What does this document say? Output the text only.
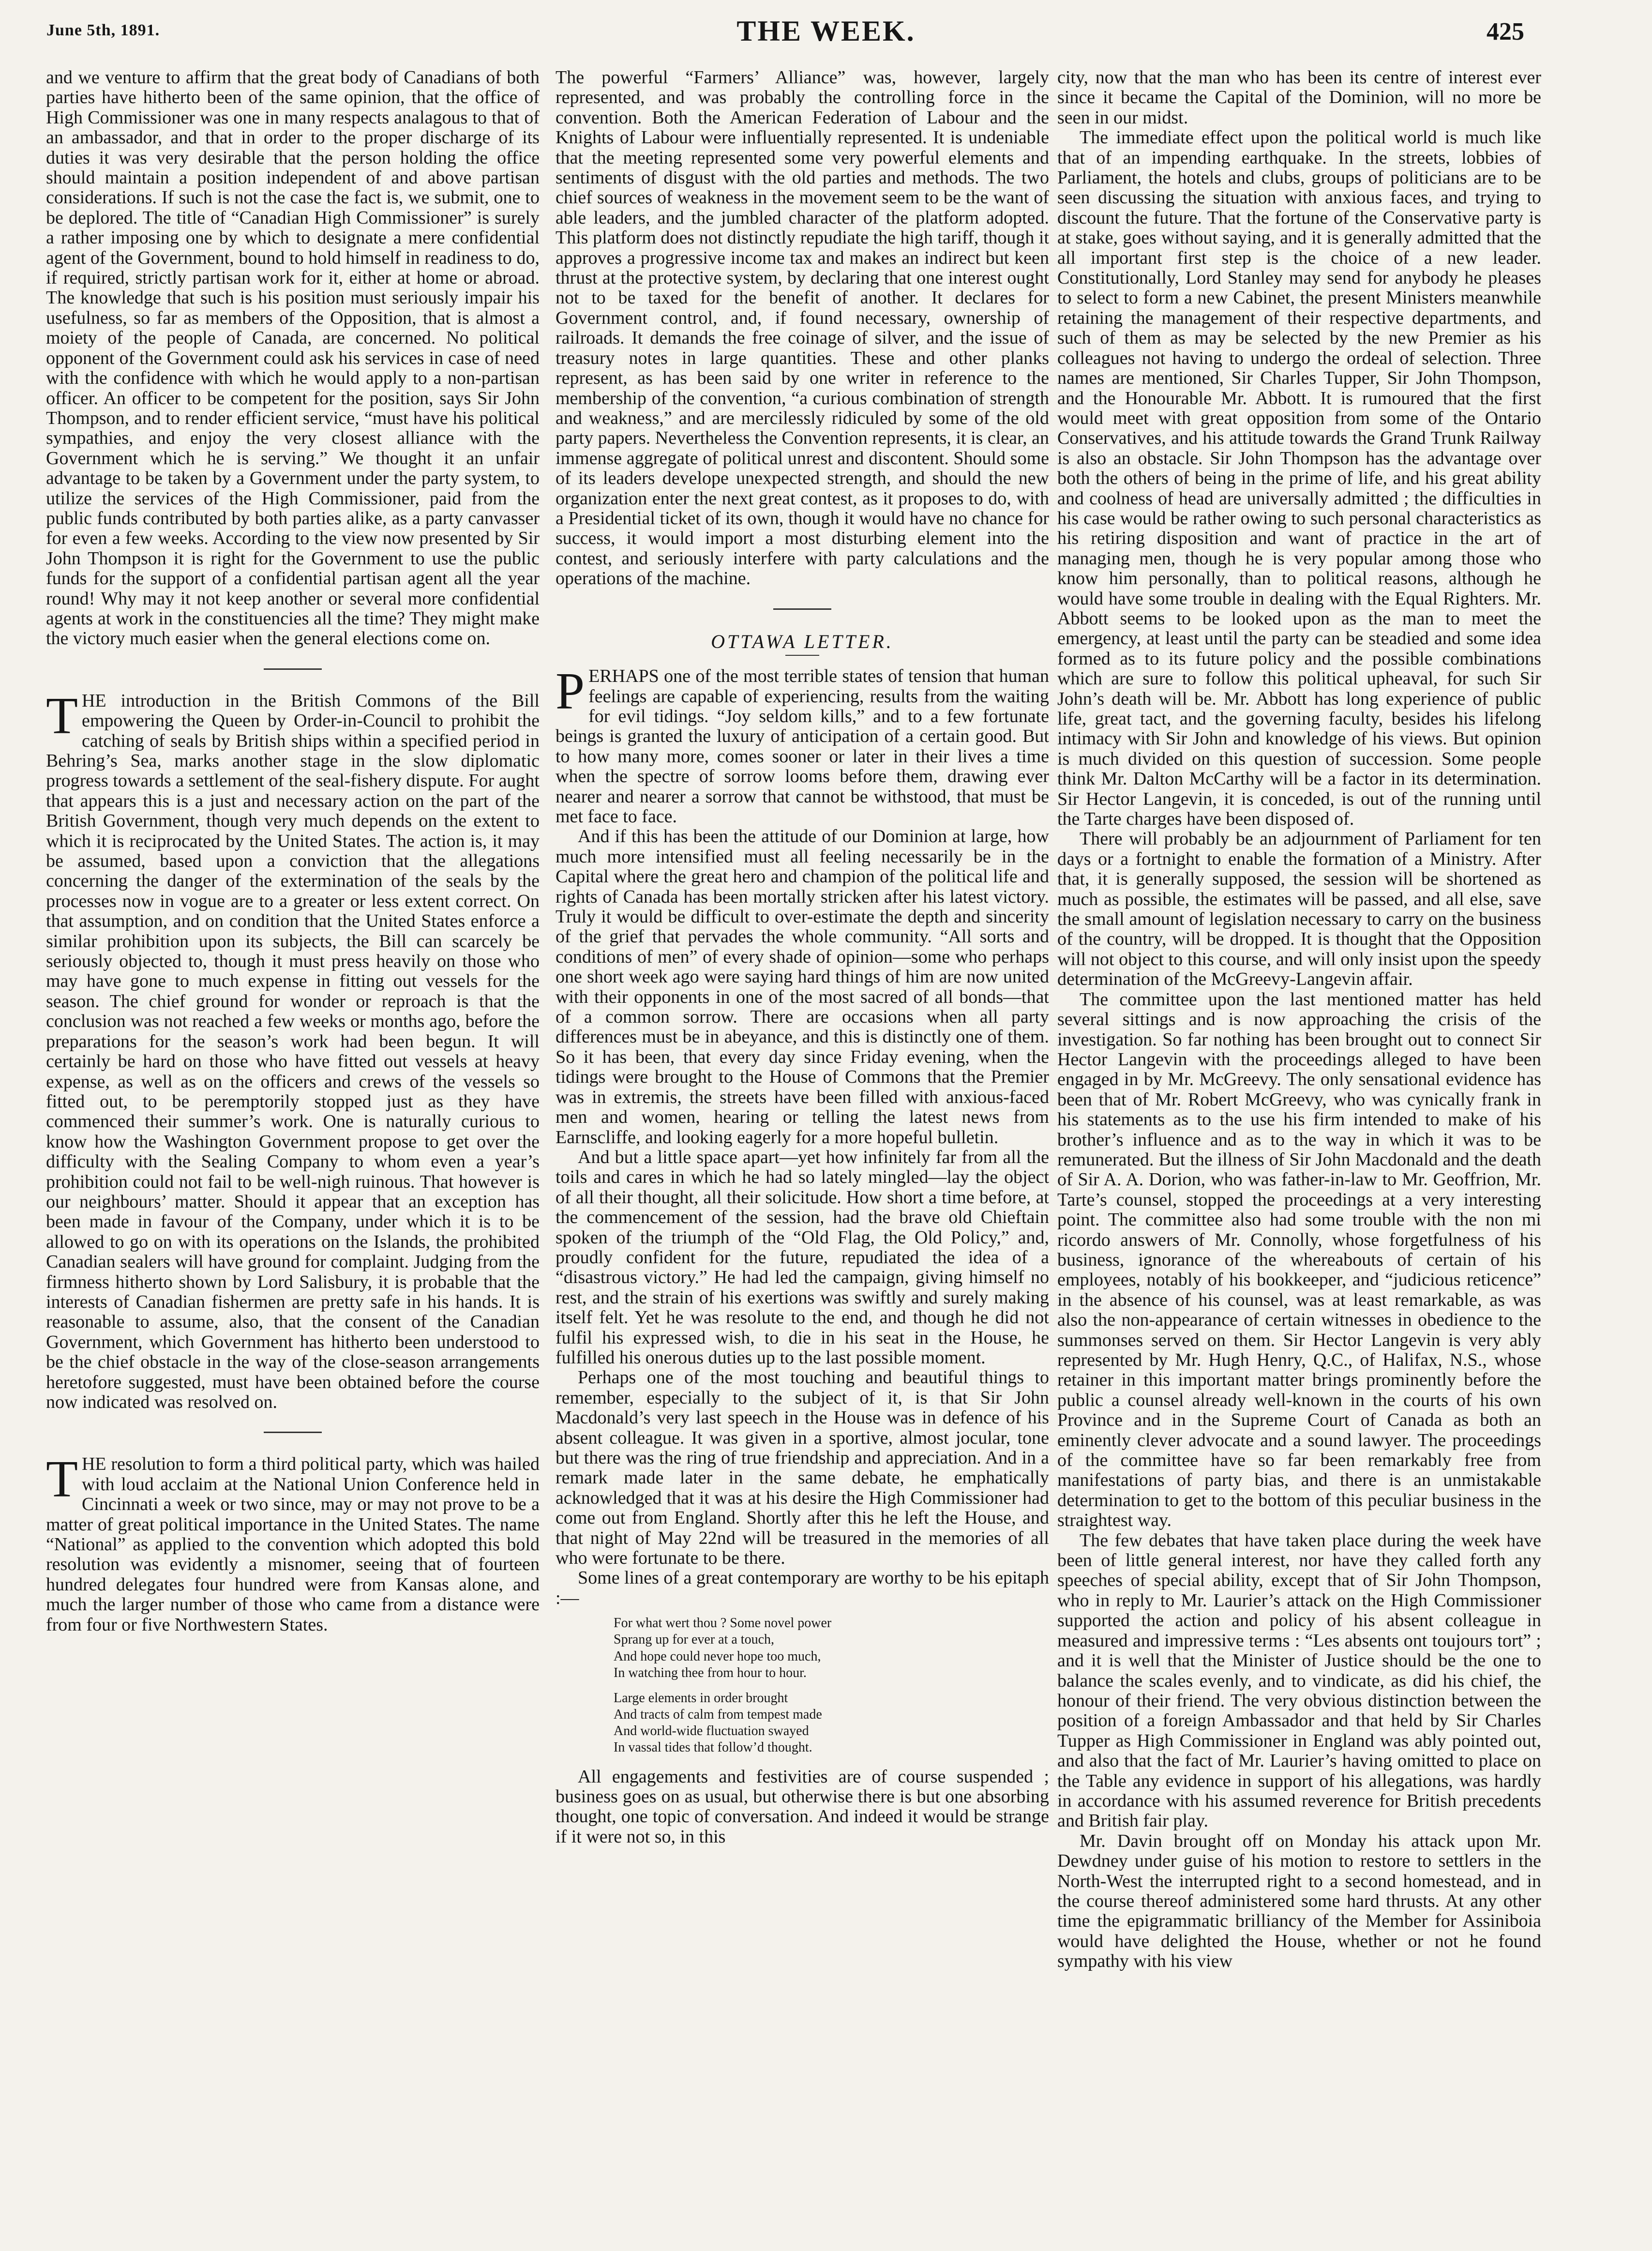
June 5th, 1891.	THE WEEK.	425

and we venture to affirm that the great body of Canadians of both parties have hitherto been of the same opinion, that the office of High Commissioner was one in many respects analagous to that of an ambassador, and that in order to the proper discharge of its duties it was very desirable that the person holding the office should maintain a position independent of and above partisan considerations. If such is not the case the fact is, we submit, one to be deplored. The title of “Canadian High Commissioner” is surely a rather imposing one by which to designate a mere confidential agent of the Government, bound to hold himself in readiness to do, if required, strictly partisan work for it, either at home or abroad. The knowledge that such is his position must seriously impair his usefulness, so far as members of the Opposition, that is almost a moiety of the people of Canada, are concerned. No political opponent of the Government could ask his services in case of need with the confidence with which he would apply to a non-partisan officer. An officer to be competent for the position, says Sir John Thompson, and to render efficient service, “must have his political sympathies, and enjoy the very closest alliance with the Government which he is serving.” We thought it an unfair advantage to be taken by a Government under the party system, to utilize the services of the High Commissioner, paid from the public funds contributed by both parties alike, as a party canvasser for even a few weeks. According to the view now presented by Sir John Thompson it is right for the Government to use the public funds for the support of a confidential partisan agent all the year round! Why may it not keep another or several more confidential agents at work in the constituencies all the time? They might make the victory much easier when the general elections come on.

THE introduction in the British Commons of the Bill empowering the Queen by Order-in-Council to prohibit the catching of seals by British ships within a specified period in Behring’s Sea, marks another stage in the slow diplomatic progress towards a settlement of the seal-fishery dispute. For aught that appears this is a just and necessary action on the part of the British Government, though very much depends on the extent to which it is reciprocated by the United States. The action is, it may be assumed, based upon a conviction that the allegations concerning the danger of the extermination of the seals by the processes now in vogue are to a greater or less extent correct. On that assumption, and on condition that the United States enforce a similar prohibition upon its subjects, the Bill can scarcely be seriously objected to, though it must press heavily on those who may have gone to much expense in fitting out vessels for the season. The chief ground for wonder or reproach is that the conclusion was not reached a few weeks or months ago, before the preparations for the season’s work had been begun. It will certainly be hard on those who have fitted out vessels at heavy expense, as well as on the officers and crews of the vessels so fitted out, to be peremptorily stopped just as they have commenced their summer’s work. One is naturally curious to know how the Washington Government propose to get over the difficulty with the Sealing Company to whom even a year’s prohibition could not fail to be well-nigh ruinous. That however is our neighbours’ matter. Should it appear that an exception has been made in favour of the Company, under which it is to be allowed to go on with its operations on the Islands, the prohibited Canadian sealers will have ground for complaint. Judging from the firmness hitherto shown by Lord Salisbury, it is probable that the interests of Canadian fishermen are pretty safe in his hands. It is reasonable to assume, also, that the consent of the Canadian Government, which Government has hitherto been understood to be the chief obstacle in the way of the close-season arrangements heretofore suggested, must have been obtained before the course now indicated was resolved on.

THE resolution to form a third political party, which was hailed with loud acclaim at the National Union Conference held in Cincinnati a week or two since, may or may not prove to be a matter of great political importance in the United States. The name “National” as applied to the convention which adopted this bold resolution was evidently a misnomer, seeing that of fourteen hundred delegates four hundred were from Kansas alone, and much the larger number of those who came from a distance were from four or five Northwestern States.

The powerful “Farmers’ Alliance” was, however, largely represented, and was probably the controlling force in the convention. Both the American Federation of Labour and the Knights of Labour were influentially represented. It is undeniable that the meeting represented some very powerful elements and sentiments of disgust with the old parties and methods. The two chief sources of weakness in the movement seem to be the want of able leaders, and the jumbled character of the platform adopted. This platform does not distinctly repudiate the high tariff, though it approves a progressive income tax and makes an indirect but keen thrust at the protective system, by declaring that one interest ought not to be taxed for the benefit of another. It declares for Government control, and, if found necessary, ownership of railroads. It demands the free coinage of silver, and the issue of treasury notes in large quantities. These and other planks represent, as has been said by one writer in reference to the membership of the convention, “a curious combination of strength and weakness,” and are mercilessly ridiculed by some of the old party papers. Nevertheless the Convention represents, it is clear, an immense aggregate of political unrest and discontent. Should some of its leaders develope unexpected strength, and should the new organization enter the next great contest, as it proposes to do, with a Presidential ticket of its own, though it would have no chance for success, it would import a most disturbing element into the contest, and seriously interfere with party calculations and the operations of the machine.

OTTAWA LETTER.

PERHAPS one of the most terrible states of tension that human feelings are capable of experiencing, results from the waiting for evil tidings. “Joy seldom kills,” and to a few fortunate beings is granted the luxury of anticipation of a certain good. But to how many more, comes sooner or later in their lives a time when the spectre of sorrow looms before them, drawing ever nearer and nearer a sorrow that cannot be withstood, that must be met face to face.

And if this has been the attitude of our Dominion at large, how much more intensified must all feeling necessarily be in the Capital where the great hero and champion of the political life and rights of Canada has been mortally stricken after his latest victory. Truly it would be difficult to over-estimate the depth and sincerity of the grief that pervades the whole community. “All sorts and conditions of men” of every shade of opinion—some who perhaps one short week ago were saying hard things of him are now united with their opponents in one of the most sacred of all bonds—that of a common sorrow. There are occasions when all party differences must be in abeyance, and this is distinctly one of them. So it has been, that every day since Friday evening, when the tidings were brought to the House of Commons that the Premier was in extremis, the streets have been filled with anxious-faced men and women, hearing or telling the latest news from Earnscliffe, and looking eagerly for a more hopeful bulletin.

And but a little space apart—yet how infinitely far from all the toils and cares in which he had so lately mingled—lay the object of all their thought, all their solicitude. How short a time before, at the commencement of the session, had the brave old Chieftain spoken of the triumph of the “Old Flag, the Old Policy,” and, proudly confident for the future, repudiated the idea of a “disastrous victory.” He had led the campaign, giving himself no rest, and the strain of his exertions was swiftly and surely making itself felt. Yet he was resolute to the end, and though he did not fulfil his expressed wish, to die in his seat in the House, he fulfilled his onerous duties up to the last possible moment.

Perhaps one of the most touching and beautiful things to remember, especially to the subject of it, is that Sir John Macdonald’s very last speech in the House was in defence of his absent colleague. It was given in a sportive, almost jocular, tone but there was the ring of true friendship and appreciation. And in a remark made later in the same debate, he emphatically acknowledged that it was at his desire the High Commissioner had come out from England. Shortly after this he left the House, and that night of May 22nd will be treasured in the memories of all who were fortunate to be there.

Some lines of a great contemporary are worthy to be his epitaph :—

For what wert thou ? Some novel power
Sprang up for ever at a touch,
And hope could never hope too much,
In watching thee from hour to hour.
Large elements in order brought
And tracts of calm from tempest made
And world-wide fluctuation swayed
In vassal tides that follow’d thought.

All engagements and festivities are of course suspended ; business goes on as usual, but otherwise there is but one absorbing thought, one topic of conversation. And indeed it would be strange if it were not so, in this

city, now that the man who has been its centre of interest ever since it became the Capital of the Dominion, will no more be seen in our midst.

The immediate effect upon the political world is much like that of an impending earthquake. In the streets, lobbies of Parliament, the hotels and clubs, groups of politicians are to be seen discussing the situation with anxious faces, and trying to discount the future. That the fortune of the Conservative party is at stake, goes without saying, and it is generally admitted that the all important first step is the choice of a new leader. Constitutionally, Lord Stanley may send for anybody he pleases to select to form a new Cabinet, the present Ministers meanwhile retaining the management of their respective departments, and such of them as may be selected by the new Premier as his colleagues not having to undergo the ordeal of selection. Three names are mentioned, Sir Charles Tupper, Sir John Thompson, and the Honourable Mr. Abbott. It is rumoured that the first would meet with great opposition from some of the Ontario Conservatives, and his attitude towards the Grand Trunk Railway is also an obstacle. Sir John Thompson has the advantage over both the others of being in the prime of life, and his great ability and coolness of head are universally admitted ; the difficulties in his case would be rather owing to such personal characteristics as his retiring disposition and want of practice in the art of managing men, though he is very popular among those who know him personally, than to political reasons, although he would have some trouble in dealing with the Equal Righters. Mr. Abbott seems to be looked upon as the man to meet the emergency, at least until the party can be steadied and some idea formed as to its future policy and the possible combinations which are sure to follow this political upheaval, for such Sir John’s death will be. Mr. Abbott has long experience of public life, great tact, and the governing faculty, besides his lifelong intimacy with Sir John and knowledge of his views. But opinion is much divided on this question of succession. Some people think Mr. Dalton McCarthy will be a factor in its determination. Sir Hector Langevin, it is conceded, is out of the running until the Tarte charges have been disposed of.

There will probably be an adjournment of Parliament for ten days or a fortnight to enable the formation of a Ministry. After that, it is generally supposed, the session will be shortened as much as possible, the estimates will be passed, and all else, save the small amount of legislation necessary to carry on the business of the country, will be dropped. It is thought that the Opposition will not object to this course, and will only insist upon the speedy determination of the McGreevy-Langevin affair.

The committee upon the last mentioned matter has held several sittings and is now approaching the crisis of the investigation. So far nothing has been brought out to connect Sir Hector Langevin with the proceedings alleged to have been engaged in by Mr. McGreevy. The only sensational evidence has been that of Mr. Robert McGreevy, who was cynically frank in his statements as to the use his firm intended to make of his brother’s influence and as to the way in which it was to be remunerated. But the illness of Sir John Macdonald and the death of Sir A. A. Dorion, who was father-in-law to Mr. Geoffrion, Mr. Tarte’s counsel, stopped the proceedings at a very interesting point. The committee also had some trouble with the non mi ricordo answers of Mr. Connolly, whose forgetfulness of his business, ignorance of the whereabouts of certain of his employees, notably of his bookkeeper, and “judicious reticence” in the absence of his counsel, was at least remarkable, as was also the non-appearance of certain witnesses in obedience to the summonses served on them. Sir Hector Langevin is very ably represented by Mr. Hugh Henry, Q.C., of Halifax, N.S., whose retainer in this important matter brings prominently before the public a counsel already well-known in the courts of his own Province and in the Supreme Court of Canada as both an eminently clever advocate and a sound lawyer. The proceedings of the committee have so far been remarkably free from manifestations of party bias, and there is an unmistakable determination to get to the bottom of this peculiar business in the straightest way.

The few debates that have taken place during the week have been of little general interest, nor have they called forth any speeches of special ability, except that of Sir John Thompson, who in reply to Mr. Laurier’s attack on the High Commissioner supported the action and policy of his absent colleague in measured and impressive terms : “Les absents ont toujours tort” ; and it is well that the Minister of Justice should be the one to balance the scales evenly, and to vindicate, as did his chief, the honour of their friend. The very obvious distinction between the position of a foreign Ambassador and that held by Sir Charles Tupper as High Commissioner in England was ably pointed out, and also that the fact of Mr. Laurier’s having omitted to place on the Table any evidence in support of his allegations, was hardly in accordance with his assumed reverence for British precedents and British fair play.

Mr. Davin brought off on Monday his attack upon Mr. Dewdney under guise of his motion to restore to settlers in the North-West the interrupted right to a second homestead, and in the course thereof administered some hard thrusts. At any other time the epigrammatic brilliancy of the Member for Assiniboia would have delighted the House, whether or not he found sympathy with his view
